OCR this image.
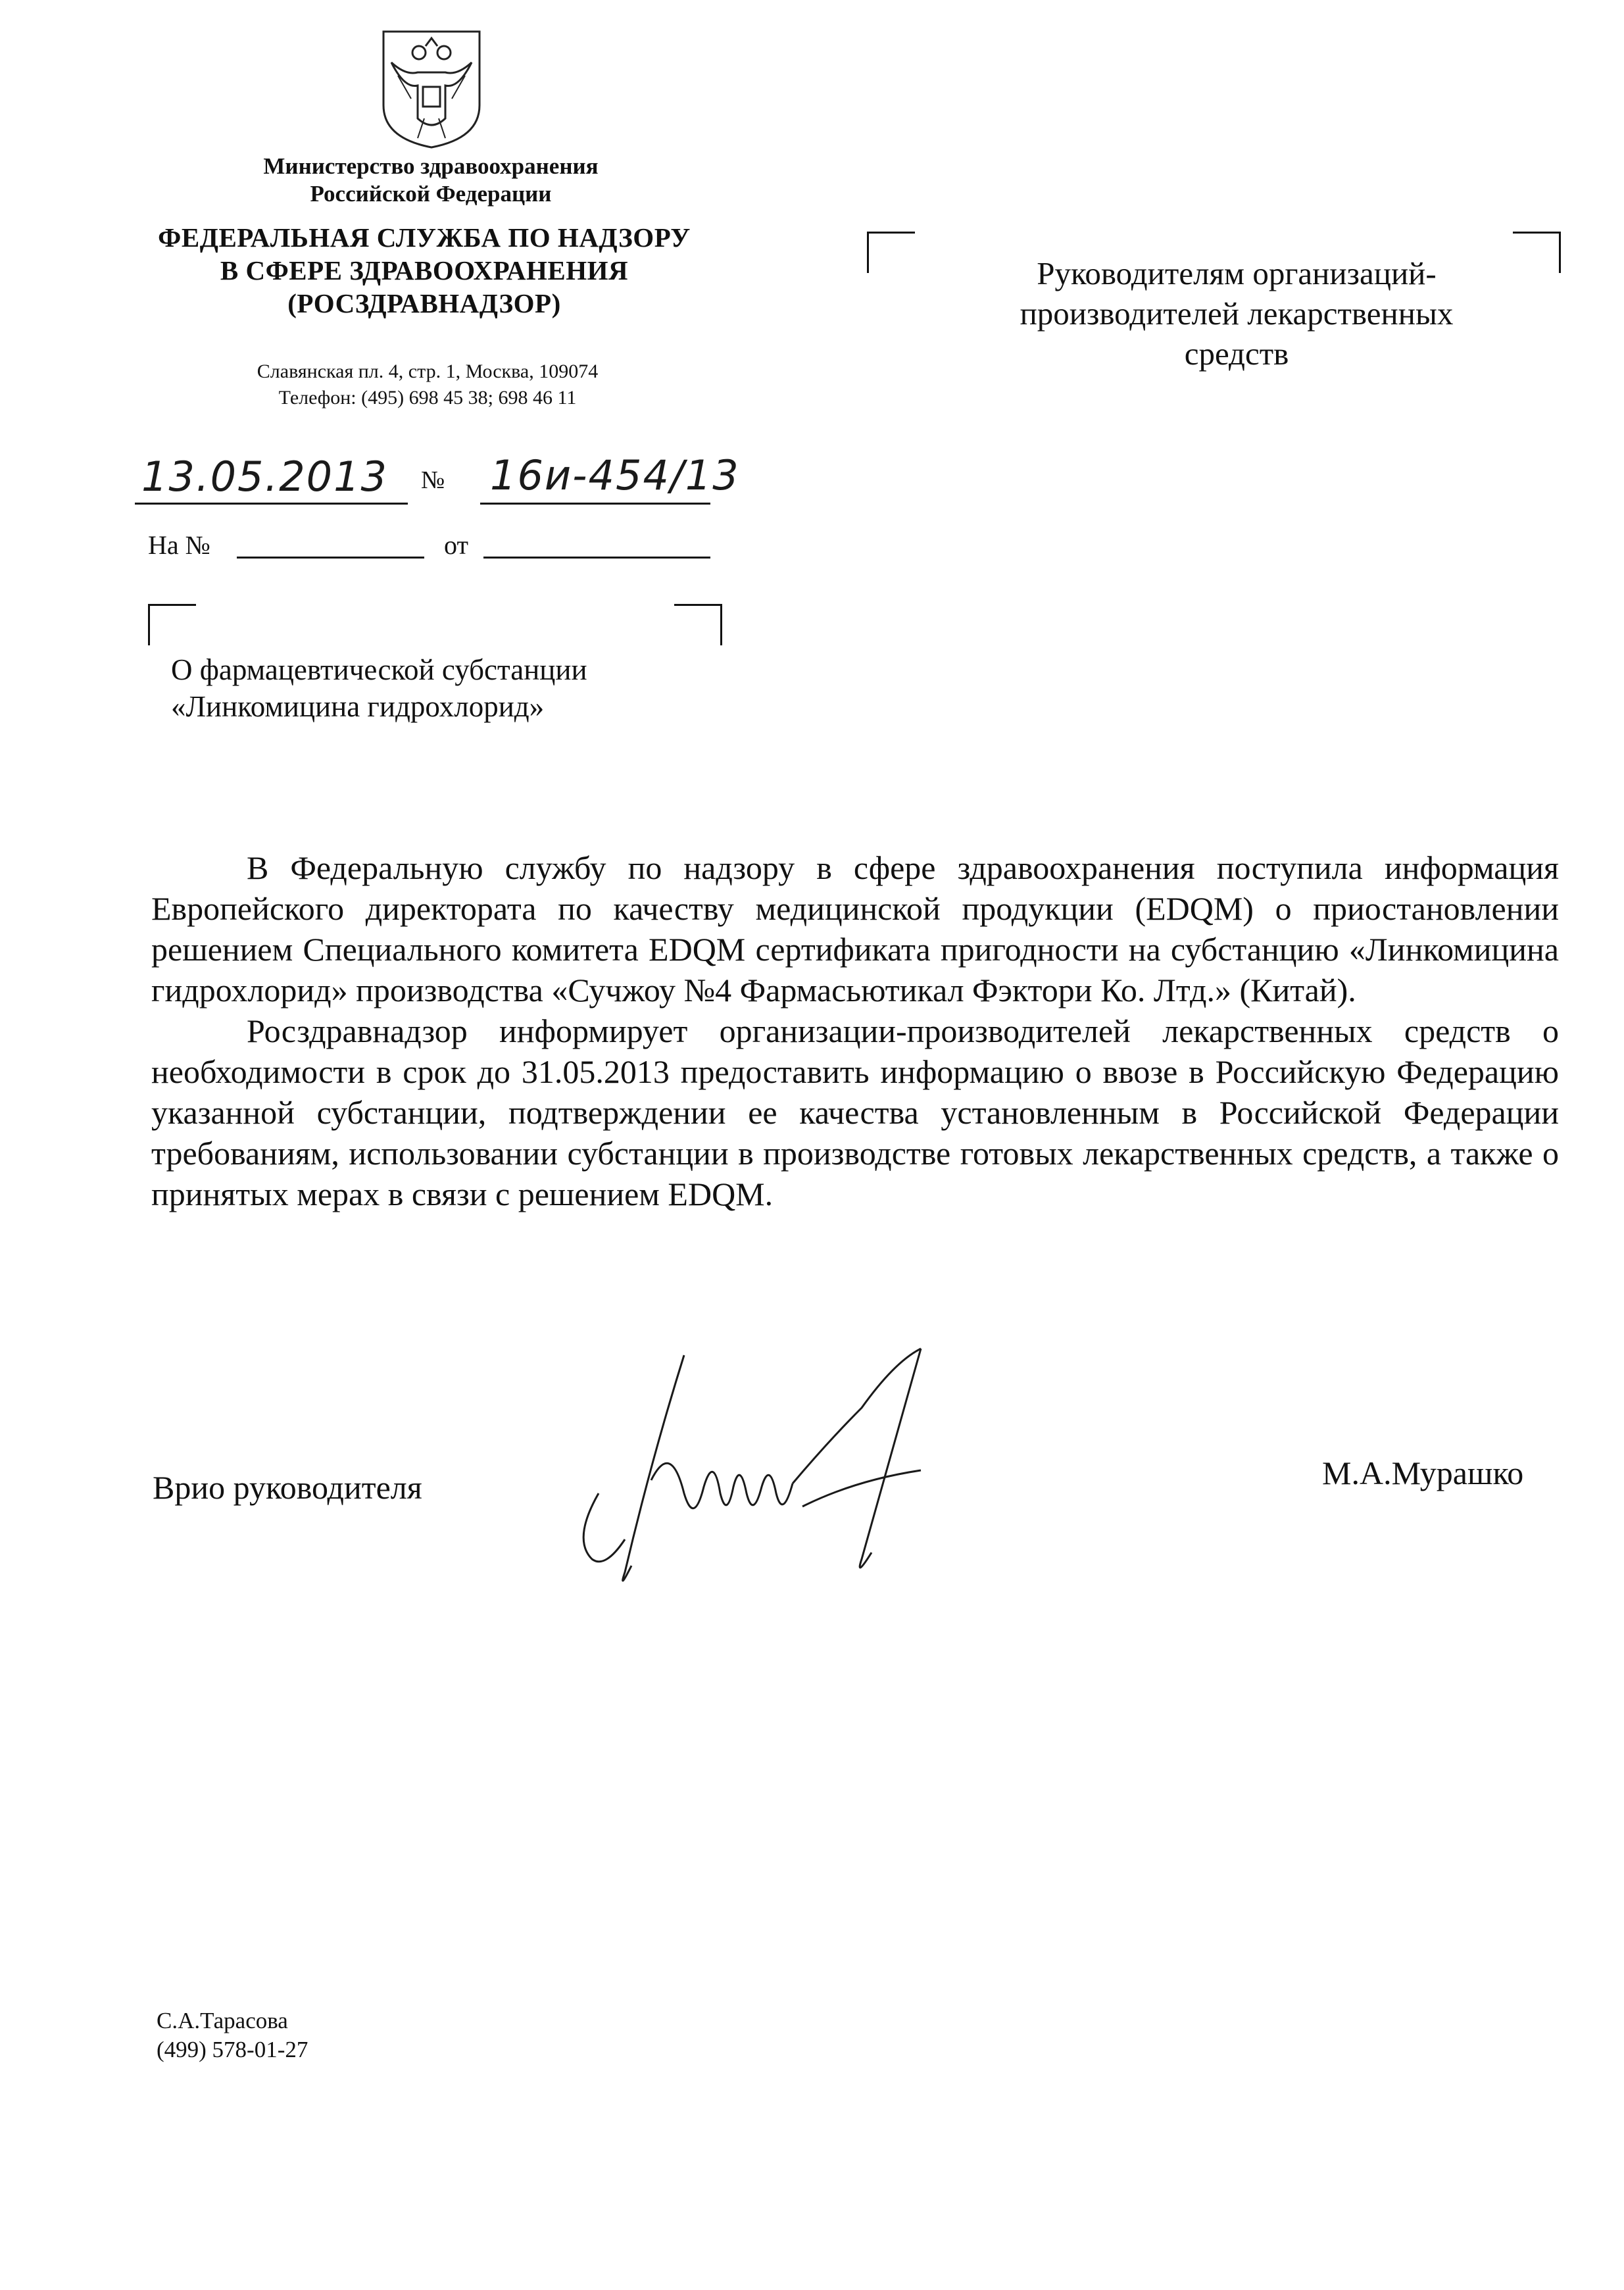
Министерство здравоохранения
Российской Федерации
ФЕДЕРАЛЬНАЯ СЛУЖБА ПО НАДЗОРУ
В СФЕРЕ ЗДРАВООХРАНЕНИЯ
(РОСЗДРАВНАДЗОР)
Славянская пл. 4, стр. 1, Москва, 109074
Телефон: (495) 698 45 38; 698 46 11
13.05.2013 № 16и-454/13
На №	от
Руководителям организаций-
производителей лекарственных
средств
О фармацевтической субстанции
«Линкомицина гидрохлорид»

В Федеральную службу по надзору в сфере здравоохранения поступила информация Европейского директората по качеству медицинской продукции (EDQM) о приостановлении решением Специального комитета EDQM сертификата пригодности на субстанцию «Линкомицина гидрохлорид» производства «Сучжоу №4 Фармасьютикал Фэктори Ко. Лтд.» (Китай).

Росздравнадзор информирует организации-производителей лекарственных средств о необходимости в срок до 31.05.2013 предоставить информацию о ввозе в Российскую Федерацию указанной субстанции, подтверждении ее качества установленным в Российской Федерации требованиям, использовании субстанции в производстве готовых лекарственных средств, а также о принятых мерах в связи с решением EDQM.

Врио руководителя	М.А.Мурашко
С.А.Тарасова
(499) 578-01-27
